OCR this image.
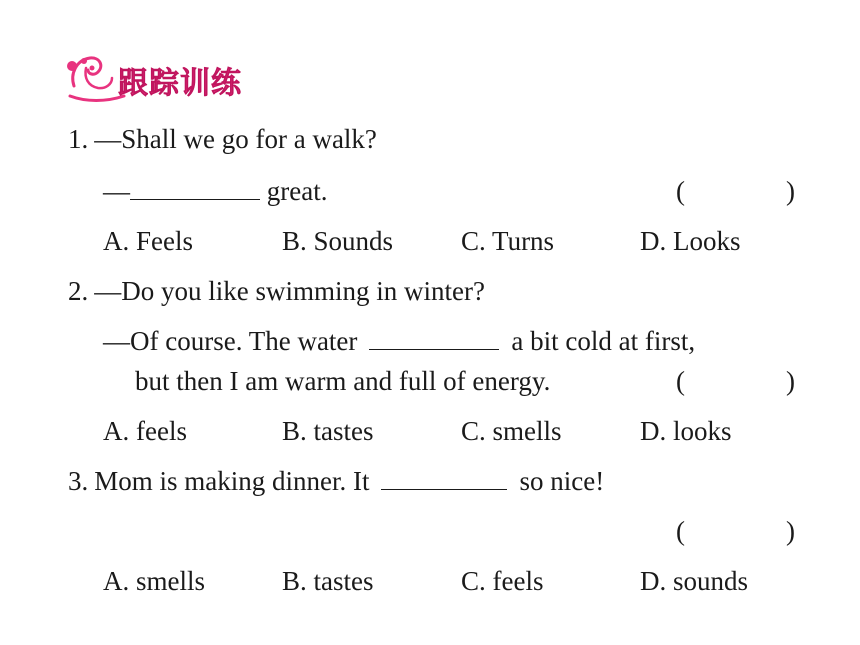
跟踪训练
1. —Shall we go for a walk?
—	great.	(	)
A. Feels	B. Sounds	C. Turns	D. Looks
2. —Do you like swimming in winter?
—Of course. The water	a bit cold at first,
but then I am warm and full of energy.	(	)
A. feels	B. tastes	C. smells	D. looks
3. Mom is making dinner. It	so nice!
(	)
A. smells	B. tastes	C. feels	D. sounds
